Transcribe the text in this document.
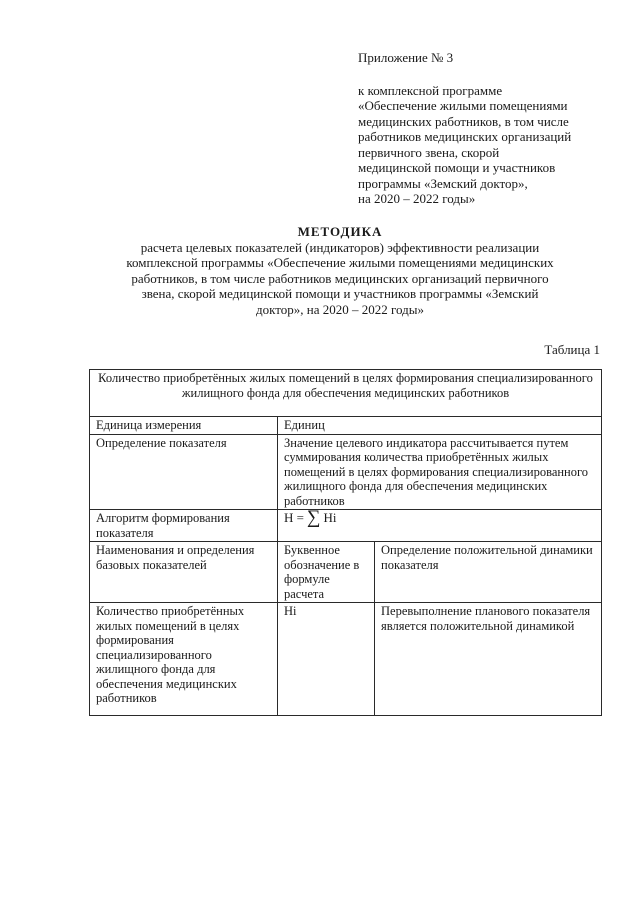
Приложение № 3
к комплексной программе
«Обеспечение жилыми помещениями
медицинских работников, в том числе
работников медицинских организаций
первичного звена, скорой
медицинской помощи и участников
программы «Земский доктор»,
на 2020 – 2022 годы»
МЕТОДИКА
расчета целевых показателей (индикаторов) эффективности реализации
комплексной программы «Обеспечение жилыми помещениями медицинских
работников, в том числе работников медицинских организаций первичного
звена, скорой медицинской помощи и участников программы «Земский
доктор», на 2020 – 2022 годы»
Таблица 1
Количество приобретённых жилых помещений в целях формирования специализированного жилищного фонда для обеспечения медицинских работников		
Единица измерения	Единиц	
Определение показателя	Значение целевого индикатора рассчитывается путем суммирования количества приобретённых жилых помещений в целях формирования специализированного жилищного фонда для обеспечения медицинских работников	
Алгоритм формирования показателя	H = ∑ Hi	

Наименования и определения базовых показателей	Буквенное обозначение в формуле расчета	Определение положительной динамики показателя
Количество приобретённых жилых помещений в целях формирования специализированного жилищного фонда для обеспечения медицинских работников	Hi	Перевыполнение планового показателя является положительной динамикой
